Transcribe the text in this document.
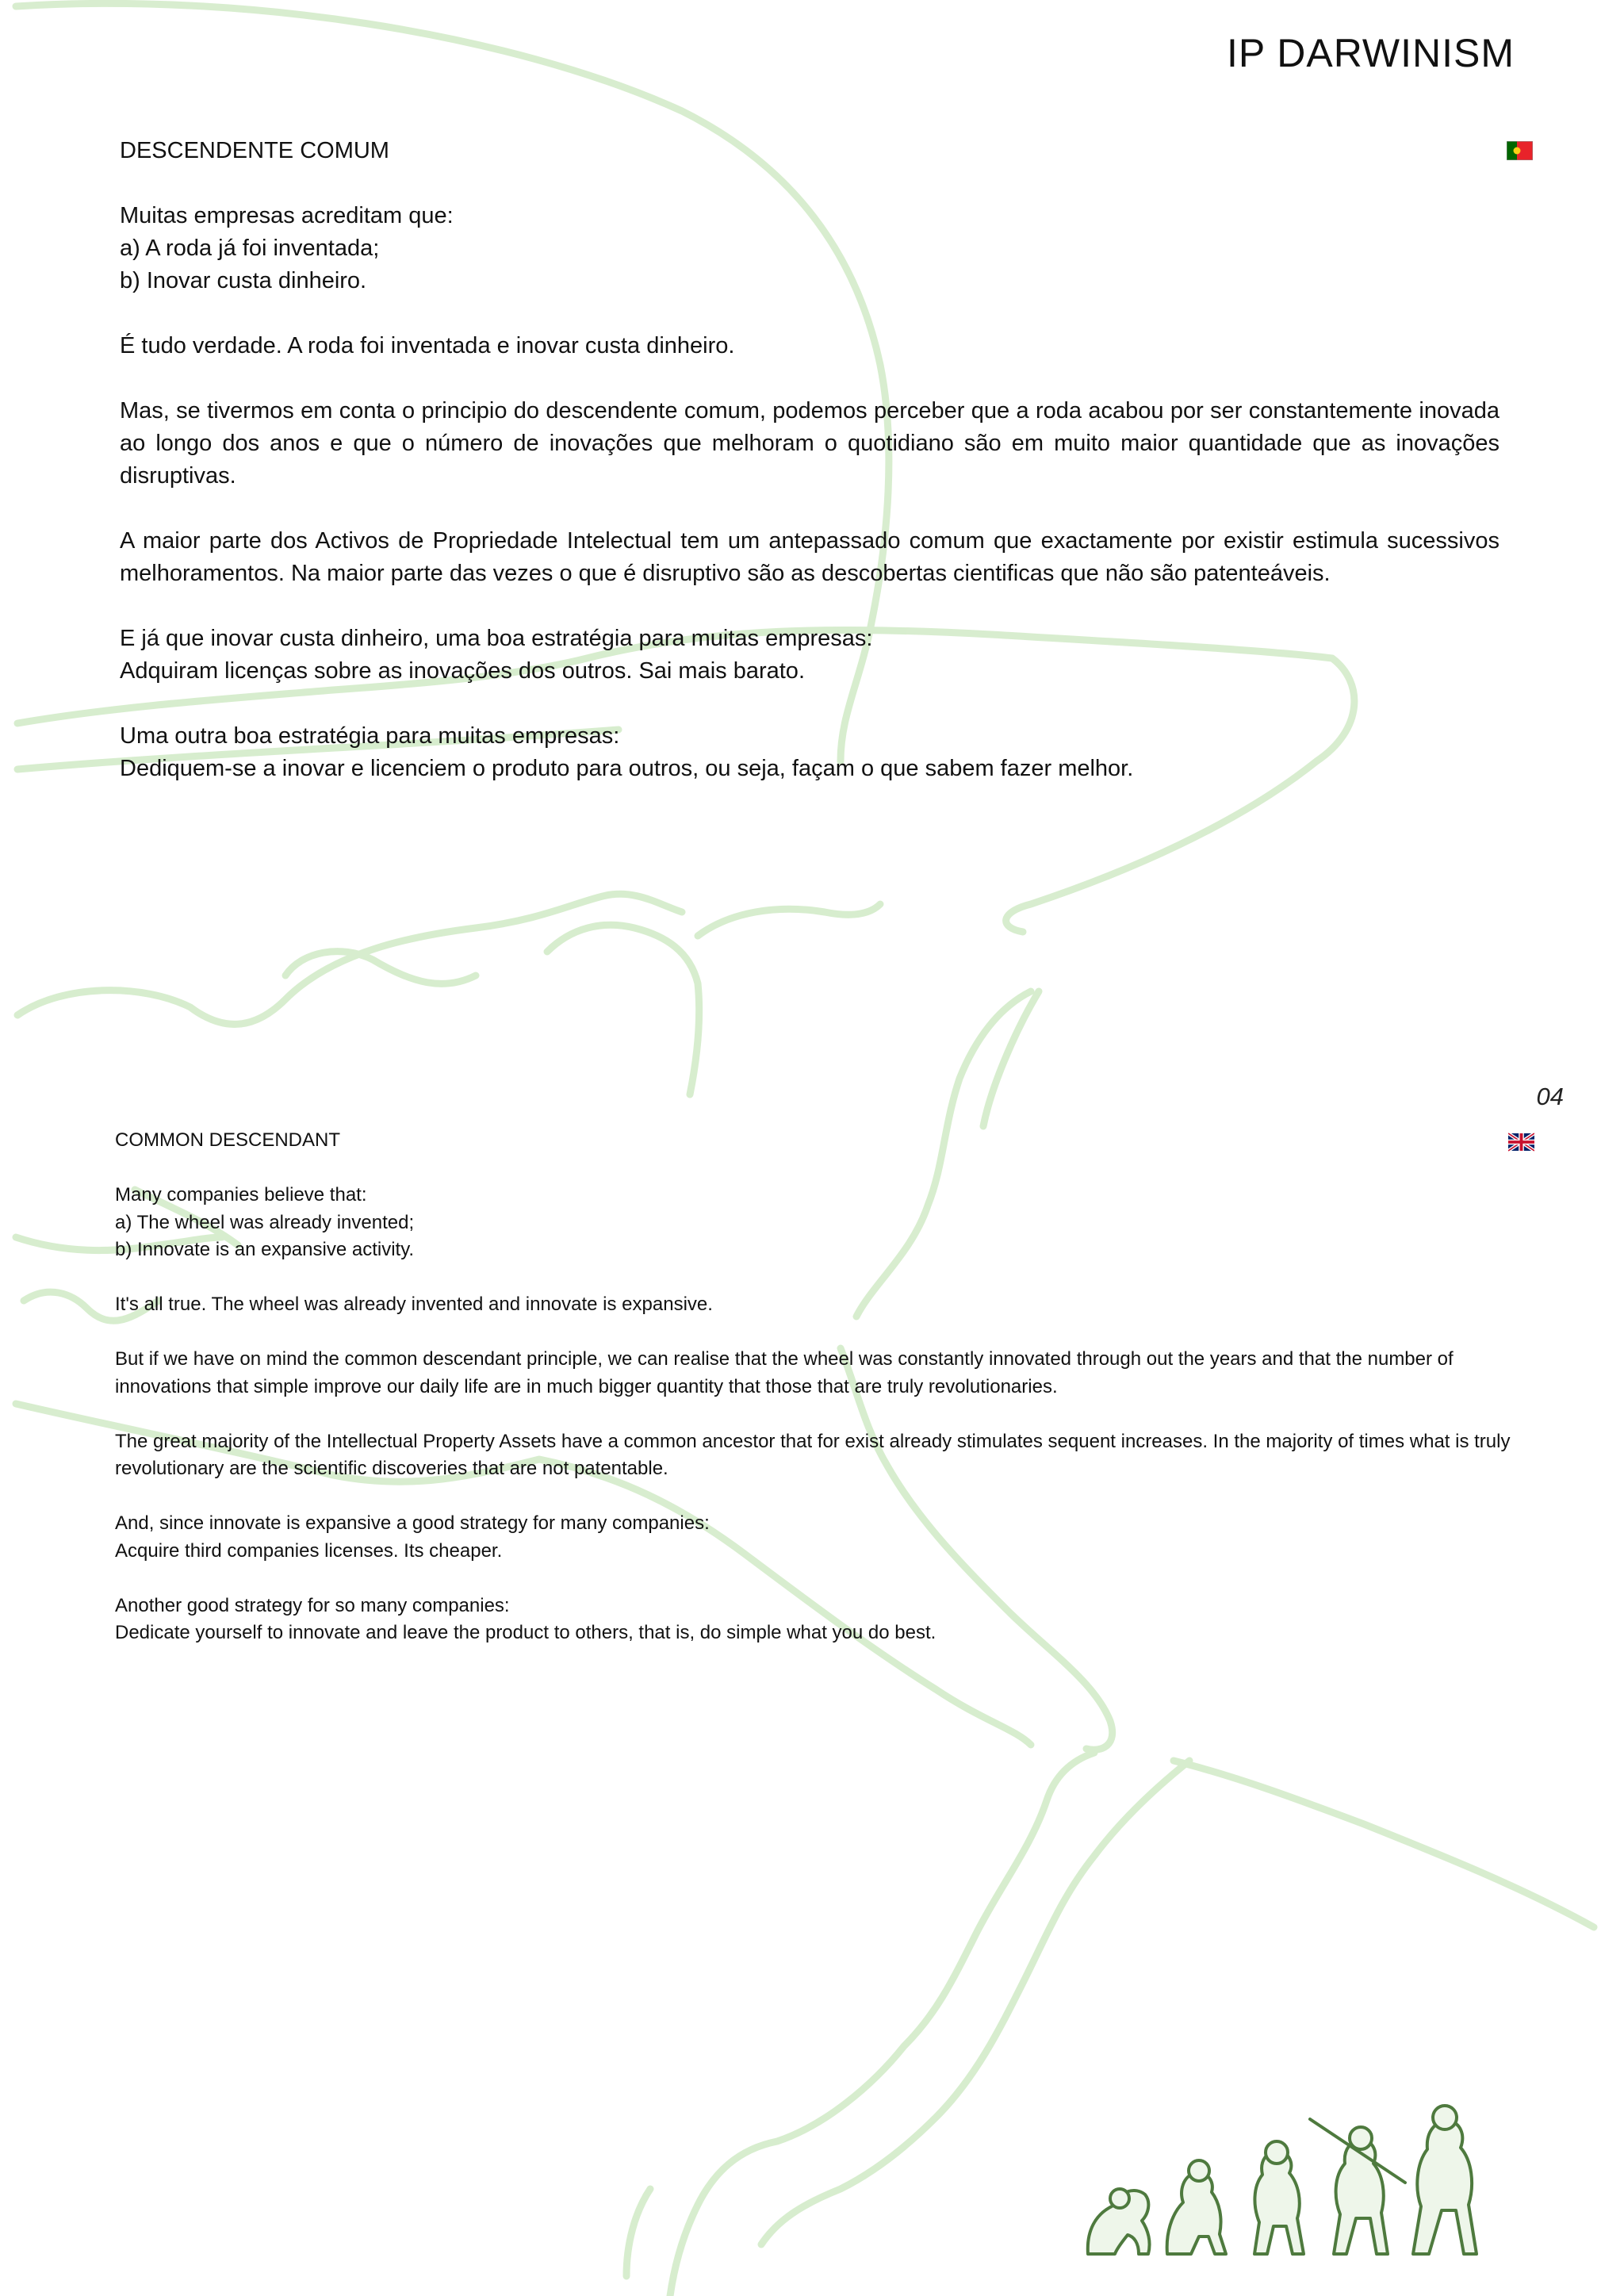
IP DARWINISM
DESCENDENTE COMUM

Muitas empresas acreditam que:
a) A roda já foi inventada;
b) Inovar custa dinheiro.

É tudo verdade. A roda foi inventada e inovar custa dinheiro.

Mas, se tivermos em conta o principio do descendente comum, podemos perceber que a roda acabou por ser constantemente inovada ao longo dos anos e que o número de inovações que melhoram o quotidiano são em muito maior quantidade que as inovações disruptivas.

A maior parte dos Activos de Propriedade Intelectual tem um antepassado comum que exactamente por existir estimula sucessivos melhoramentos. Na maior parte das vezes o que é disruptivo são as descobertas cientificas que não são patenteáveis.

E já que inovar custa dinheiro, uma boa estratégia para muitas empresas:
Adquiram licenças sobre as inovações dos outros. Sai mais barato.

Uma outra boa estratégia para muitas empresas:
Dediquem-se a inovar e licenciem o produto para outros, ou seja, façam o que sabem fazer melhor.

04
COMMON DESCENDANT

Many companies believe that:
a) The wheel was already invented;
b) Innovate is an expansive activity.

It's all true. The wheel was already invented and innovate is expansive.

But if we have on mind the common descendant principle, we can realise that the wheel was constantly innovated through out the years and that the number of innovations that simple improve our daily life are in much bigger quantity that those that are truly revolutionaries.

The great majority of the Intellectual Property Assets have a common ancestor that for exist already stimulates sequent increases. In the majority of times what is truly revolutionary are the scientific discoveries that are not patentable.

And, since innovate is expansive a good strategy for many companies:
Acquire third companies licenses. Its cheaper.

Another good strategy for so many companies:
Dedicate yourself to innovate and leave the product to others, that is, do simple what you do best.
